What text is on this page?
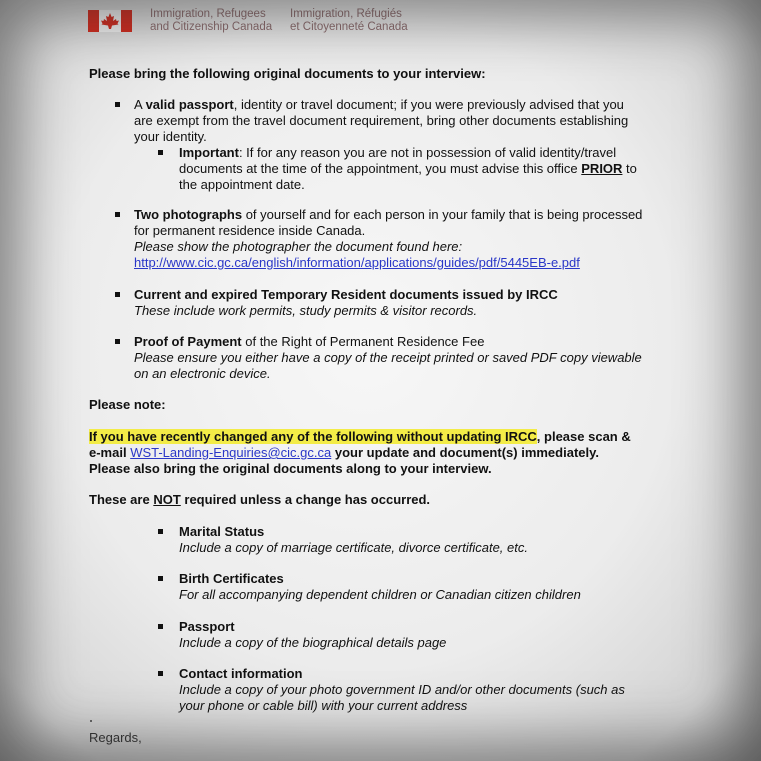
Immigration, Refugees
and Citizenship Canada
Immigration, Réfugiés
et Citoyenneté Canada
Please bring the following original documents to your interview:
A valid passport, identity or travel document; if you were previously advised that you
are exempt from the travel document requirement, bring other documents establishing
your identity.
Important: If for any reason you are not in possession of valid identity/travel
documents at the time of the appointment, you must advise this office PRIOR to
the appointment date.
Two photographs of yourself and for each person in your family that is being processed
for permanent residence inside Canada.
Please show the photographer the document found here:
http://www.cic.gc.ca/english/information/applications/guides/pdf/5445EB-e.pdf
Current and expired Temporary Resident documents issued by IRCC
These include work permits, study permits & visitor records.
Proof of Payment of the Right of Permanent Residence Fee
Please ensure you either have a copy of the receipt printed or saved PDF copy viewable
on an electronic device.
Please note:
If you have recently changed any of the following without updating IRCC, please scan &
e-mail WST-Landing-Enquiries@cic.gc.ca your update and document(s) immediately.
Please also bring the original documents along to your interview.
These are NOT required unless a change has occurred.
Marital Status
Include a copy of marriage certificate, divorce certificate, etc.
Birth Certificates
For all accompanying dependent children or Canadian citizen children
Passport
Include a copy of the biographical details page
Contact information
Include a copy of your photo government ID and/or other documents (such as
your phone or cable bill) with your current address
Regards,
